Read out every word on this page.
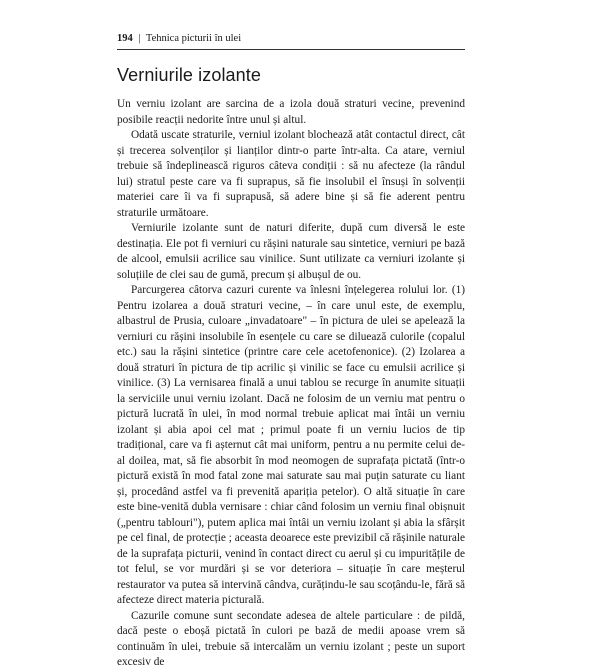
194 | Tehnica picturii în ulei
Verniurile izolante

Un verniu izolant are sarcina de a izola două straturi vecine, prevenind posibile reacții nedorite între unul și altul.

Odată uscate straturile, verniul izolant blochează atât contactul direct, cât și trecerea solvenților și lianților dintr-o parte într-alta. Ca atare, verniul trebuie să îndeplinească riguros câteva condiții : să nu afecteze (la rândul lui) stratul peste care va fi suprapus, să fie insolubil el însuși în solvenții materiei care îi va fi suprapusă, să adere bine și să fie aderent pentru straturile următoare.

Verniurile izolante sunt de naturi diferite, după cum diversă le este destinația. Ele pot fi verniuri cu rășini naturale sau sintetice, verniuri pe bază de alcool, emulsii acrilice sau vinilice. Sunt utilizate ca verniuri izolante și soluțiile de clei sau de gumă, precum și albușul de ou.

Parcurgerea câtorva cazuri curente va înlesni înțelegerea rolului lor. (1) Pentru izolarea a două straturi vecine, – în care unul este, de exemplu, albastrul de Prusia, culoare „invadatoare" – în pictura de ulei se apelează la verniuri cu rășini insolubile în esențele cu care se diluează culorile (copalul etc.) sau la rășini sintetice (printre care cele acetofenonice). (2) Izolarea a două straturi în pictura de tip acrilic și vinilic se face cu emulsii acrilice și vinilice. (3) La vernisarea finală a unui tablou se recurge în anumite situații la serviciile unui verniu izolant. Dacă ne folosim de un verniu mat pentru o pictură lucrată în ulei, în mod normal trebuie aplicat mai întâi un verniu izolant și abia apoi cel mat ; primul poate fi un verniu lucios de tip tradițional, care va fi așternut cât mai uniform, pentru a nu permite celui de-al doilea, mat, să fie absorbit în mod neomogen de suprafața pictată (într-o pictură există în mod fatal zone mai saturate sau mai puțin saturate cu liant și, procedând astfel va fi prevenită apariția petelor). O altă situație în care este bine-venită dubla vernisare : chiar când folosim un verniu final obișnuit („pentru tablouri"), putem aplica mai întâi un verniu izolant și abia la sfârșit pe cel final, de protecție ; aceasta deoarece este previzibil că rășinile naturale de la suprafața picturii, venind în contact direct cu aerul și cu impuritățile de tot felul, se vor murdări și se vor deteriora – situație în care meșterul restaurator va putea să intervină cândva, curățindu-le sau scoțându-le, fără să afecteze direct materia picturală.

Cazurile comune sunt secondate adesea de altele particulare : de pildă, dacă peste o eboșă pictată în culori pe bază de medii apoase vrem să continuăm în ulei, trebuie să intercalăm un verniu izolant ; peste un suport excesiv de
